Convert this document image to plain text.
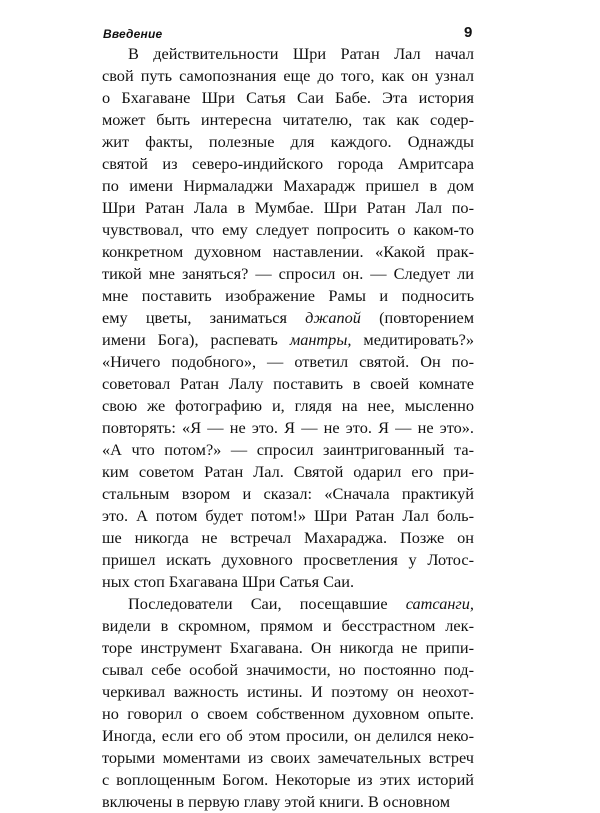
Введение	9
В действительности Шри Ратан Лал начал
свой путь самопознания еще до того, как он узнал
о Бхагаване Шри Сатья Саи Бабе. Эта история
может быть интересна читателю, так как содер-
жит факты, полезные для каждого. Однажды
святой из северо-индийского города Амритсара
по имени Нирмаладжи Махарадж пришел в дом
Шри Ратан Лала в Мумбае. Шри Ратан Лал по-
чувствовал, что ему следует попросить о каком-то
конкретном духовном наставлении. «Какой прак-
тикой мне заняться? — спросил он. — Следует ли
мне поставить изображение Рамы и подносить
ему цветы, заниматься джапой (повторением
имени Бога), распевать мантры, медитировать?»
«Ничего подобного», — ответил святой. Он по-
советовал Ратан Лалу поставить в своей комнате
свою же фотографию и, глядя на нее, мысленно
повторять: «Я — не это. Я — не это. Я — не это».
«А что потом?» — спросил заинтригованный та-
ким советом Ратан Лал. Святой одарил его при-
стальным взором и сказал: «Сначала практикуй
это. А потом будет потом!» Шри Ратан Лал боль-
ше никогда не встречал Махараджа. Позже он
пришел искать духовного просветления у Лотос-
ных стоп Бхагавана Шри Сатья Саи.
Последователи Саи, посещавшие сатсанги,
видели в скромном, прямом и бесстрастном лек-
торе инструмент Бхагавана. Он никогда не припи-
сывал себе особой значимости, но постоянно под-
черкивал важность истины. И поэтому он неохот-
но говорил о своем собственном духовном опыте.
Иногда, если его об этом просили, он делился неко-
торыми моментами из своих замечательных встреч
с воплощенным Богом. Некоторые из этих историй
включены в первую главу этой книги. В основном
